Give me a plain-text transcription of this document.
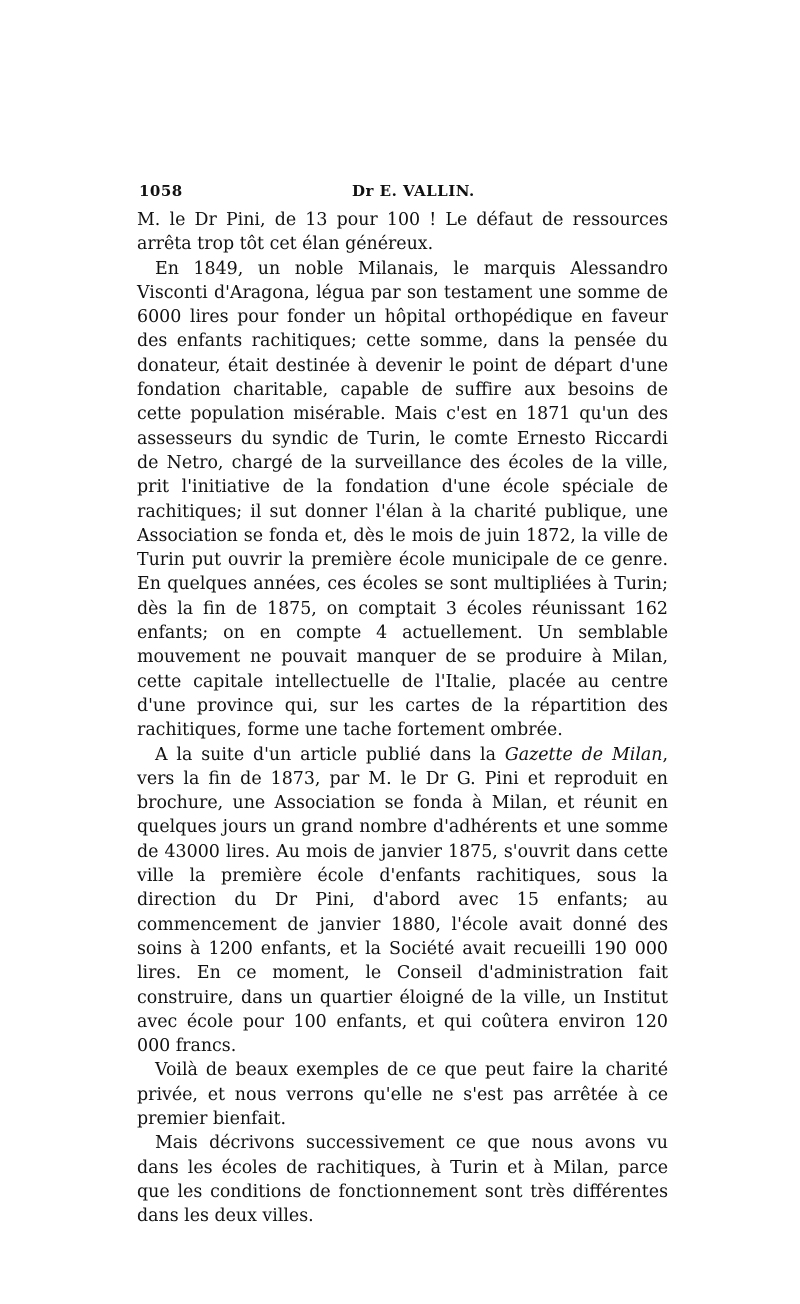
1058	Dr E. VALLIN.

M. le Dr Pini, de 13 pour 100 ! Le défaut de ressources arrêta trop tôt cet élan généreux.

En 1849, un noble Milanais, le marquis Alessandro Visconti d'Aragona, légua par son testament une somme de 6000 lires pour fonder un hôpital orthopédique en faveur des enfants rachitiques; cette somme, dans la pensée du donateur, était destinée à devenir le point de départ d'une fondation charitable, capable de suffire aux besoins de cette population misérable. Mais c'est en 1871 qu'un des assesseurs du syndic de Turin, le comte Ernesto Riccardi de Netro, chargé de la surveillance des écoles de la ville, prit l'initiative de la fondation d'une école spéciale de rachitiques; il sut donner l'élan à la charité publique, une Association se fonda et, dès le mois de juin 1872, la ville de Turin put ouvrir la première école municipale de ce genre. En quelques années, ces écoles se sont multipliées à Turin; dès la fin de 1875, on comptait 3 écoles réunissant 162 enfants; on en compte 4 actuellement. Un semblable mouvement ne pouvait manquer de se produire à Milan, cette capitale intellectuelle de l'Italie, placée au centre d'une province qui, sur les cartes de la répartition des rachitiques, forme une tache fortement ombrée.

A la suite d'un article publié dans la Gazette de Milan, vers la fin de 1873, par M. le Dr G. Pini et reproduit en brochure, une Association se fonda à Milan, et réunit en quelques jours un grand nombre d'adhérents et une somme de 43000 lires. Au mois de janvier 1875, s'ouvrit dans cette ville la première école d'enfants rachitiques, sous la direction du Dr Pini, d'abord avec 15 enfants; au commencement de janvier 1880, l'école avait donné des soins à 1200 enfants, et la Société avait recueilli 190 000 lires. En ce moment, le Conseil d'administration fait construire, dans un quartier éloigné de la ville, un Institut avec école pour 100 enfants, et qui coûtera environ 120 000 francs.

Voilà de beaux exemples de ce que peut faire la charité privée, et nous verrons qu'elle ne s'est pas arrêtée à ce premier bienfait.

Mais décrivons successivement ce que nous avons vu dans les écoles de rachitiques, à Turin et à Milan, parce que les conditions de fonctionnement sont très différentes dans les deux villes.
